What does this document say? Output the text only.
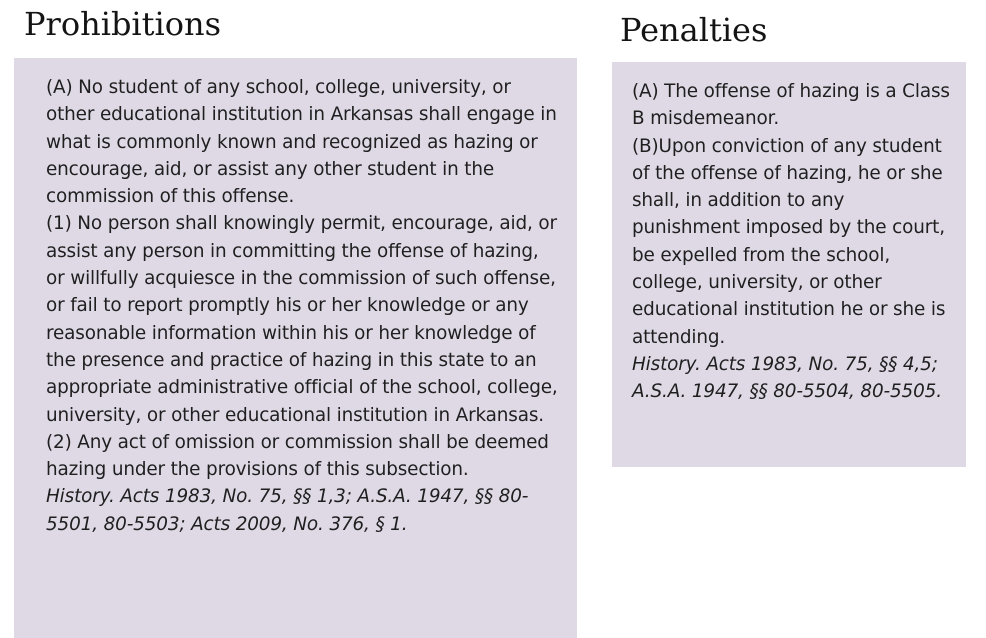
Prohibitions

(A) No student of any school, college, university, or other educational institution in Arkansas shall engage in what is commonly known and recognized as hazing or encourage, aid, or assist any other student in the commission of this offense.

(1) No person shall knowingly permit, encourage, aid, or assist any person in committing the offense of hazing, or willfully acquiesce in the commission of such offense, or fail to report promptly his or her knowledge or any reasonable information within his or her knowledge of the presence and practice of hazing in this state to an appropriate administrative official of the school, college, university, or other educational institution in Arkansas.

(2) Any act of omission or commission shall be deemed hazing under the provisions of this subsection.

History. Acts 1983, No. 75, §§ 1,3; A.S.A. 1947, §§ 80-5501, 80-5503; Acts 2009, No. 376, § 1.

Penalties

(A) The offense of hazing is a Class B misdemeanor.

(B)Upon conviction of any student of the offense of hazing, he or she shall, in addition to any punishment imposed by the court, be expelled from the school, college, university, or other educational institution he or she is attending.

History. Acts 1983, No. 75, §§ 4,5; A.S.A. 1947, §§ 80-5504, 80-5505.
